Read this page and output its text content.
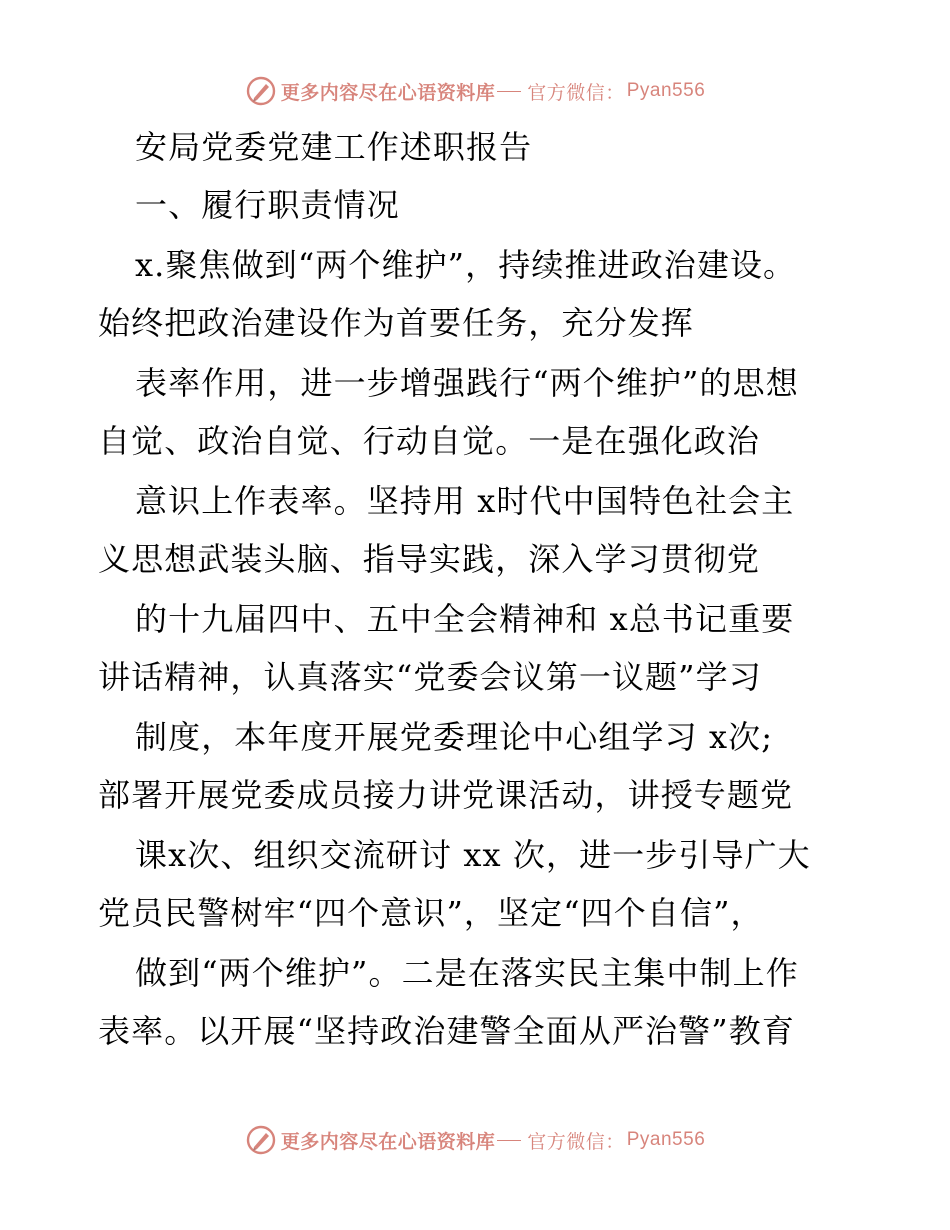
更多内容尽在心语资料库 官方微信： Pyan556
安局党委党建工作述职报告
一、履行职责情况
x.聚焦做到“两个维护”，持续推进政治建设。
始终把政治建设作为首要任务，充分发挥
表率作用，进一步增强践行“两个维护”的思想
自觉、政治自觉、行动自觉。一是在强化政治
意识上作表率。坚持用 x时代中国特色社会主
义思想武装头脑、指导实践，深入学习贯彻党
的十九届四中、五中全会精神和 x总书记重要
讲话精神，认真落实“党委会议第一议题”学习
制度，本年度开展党委理论中心组学习 x次;
部署开展党委成员接力讲党课活动，讲授专题党
课x次、组织交流研讨 xx 次，进一步引导广大
党员民警树牢“四个意识”，坚定“四个自信”，
做到“两个维护”。二是在落实民主集中制上作
表率。以开展“坚持政治建警全面从严治警”教育
更多内容尽在心语资料库 官方微信： Pyan556
